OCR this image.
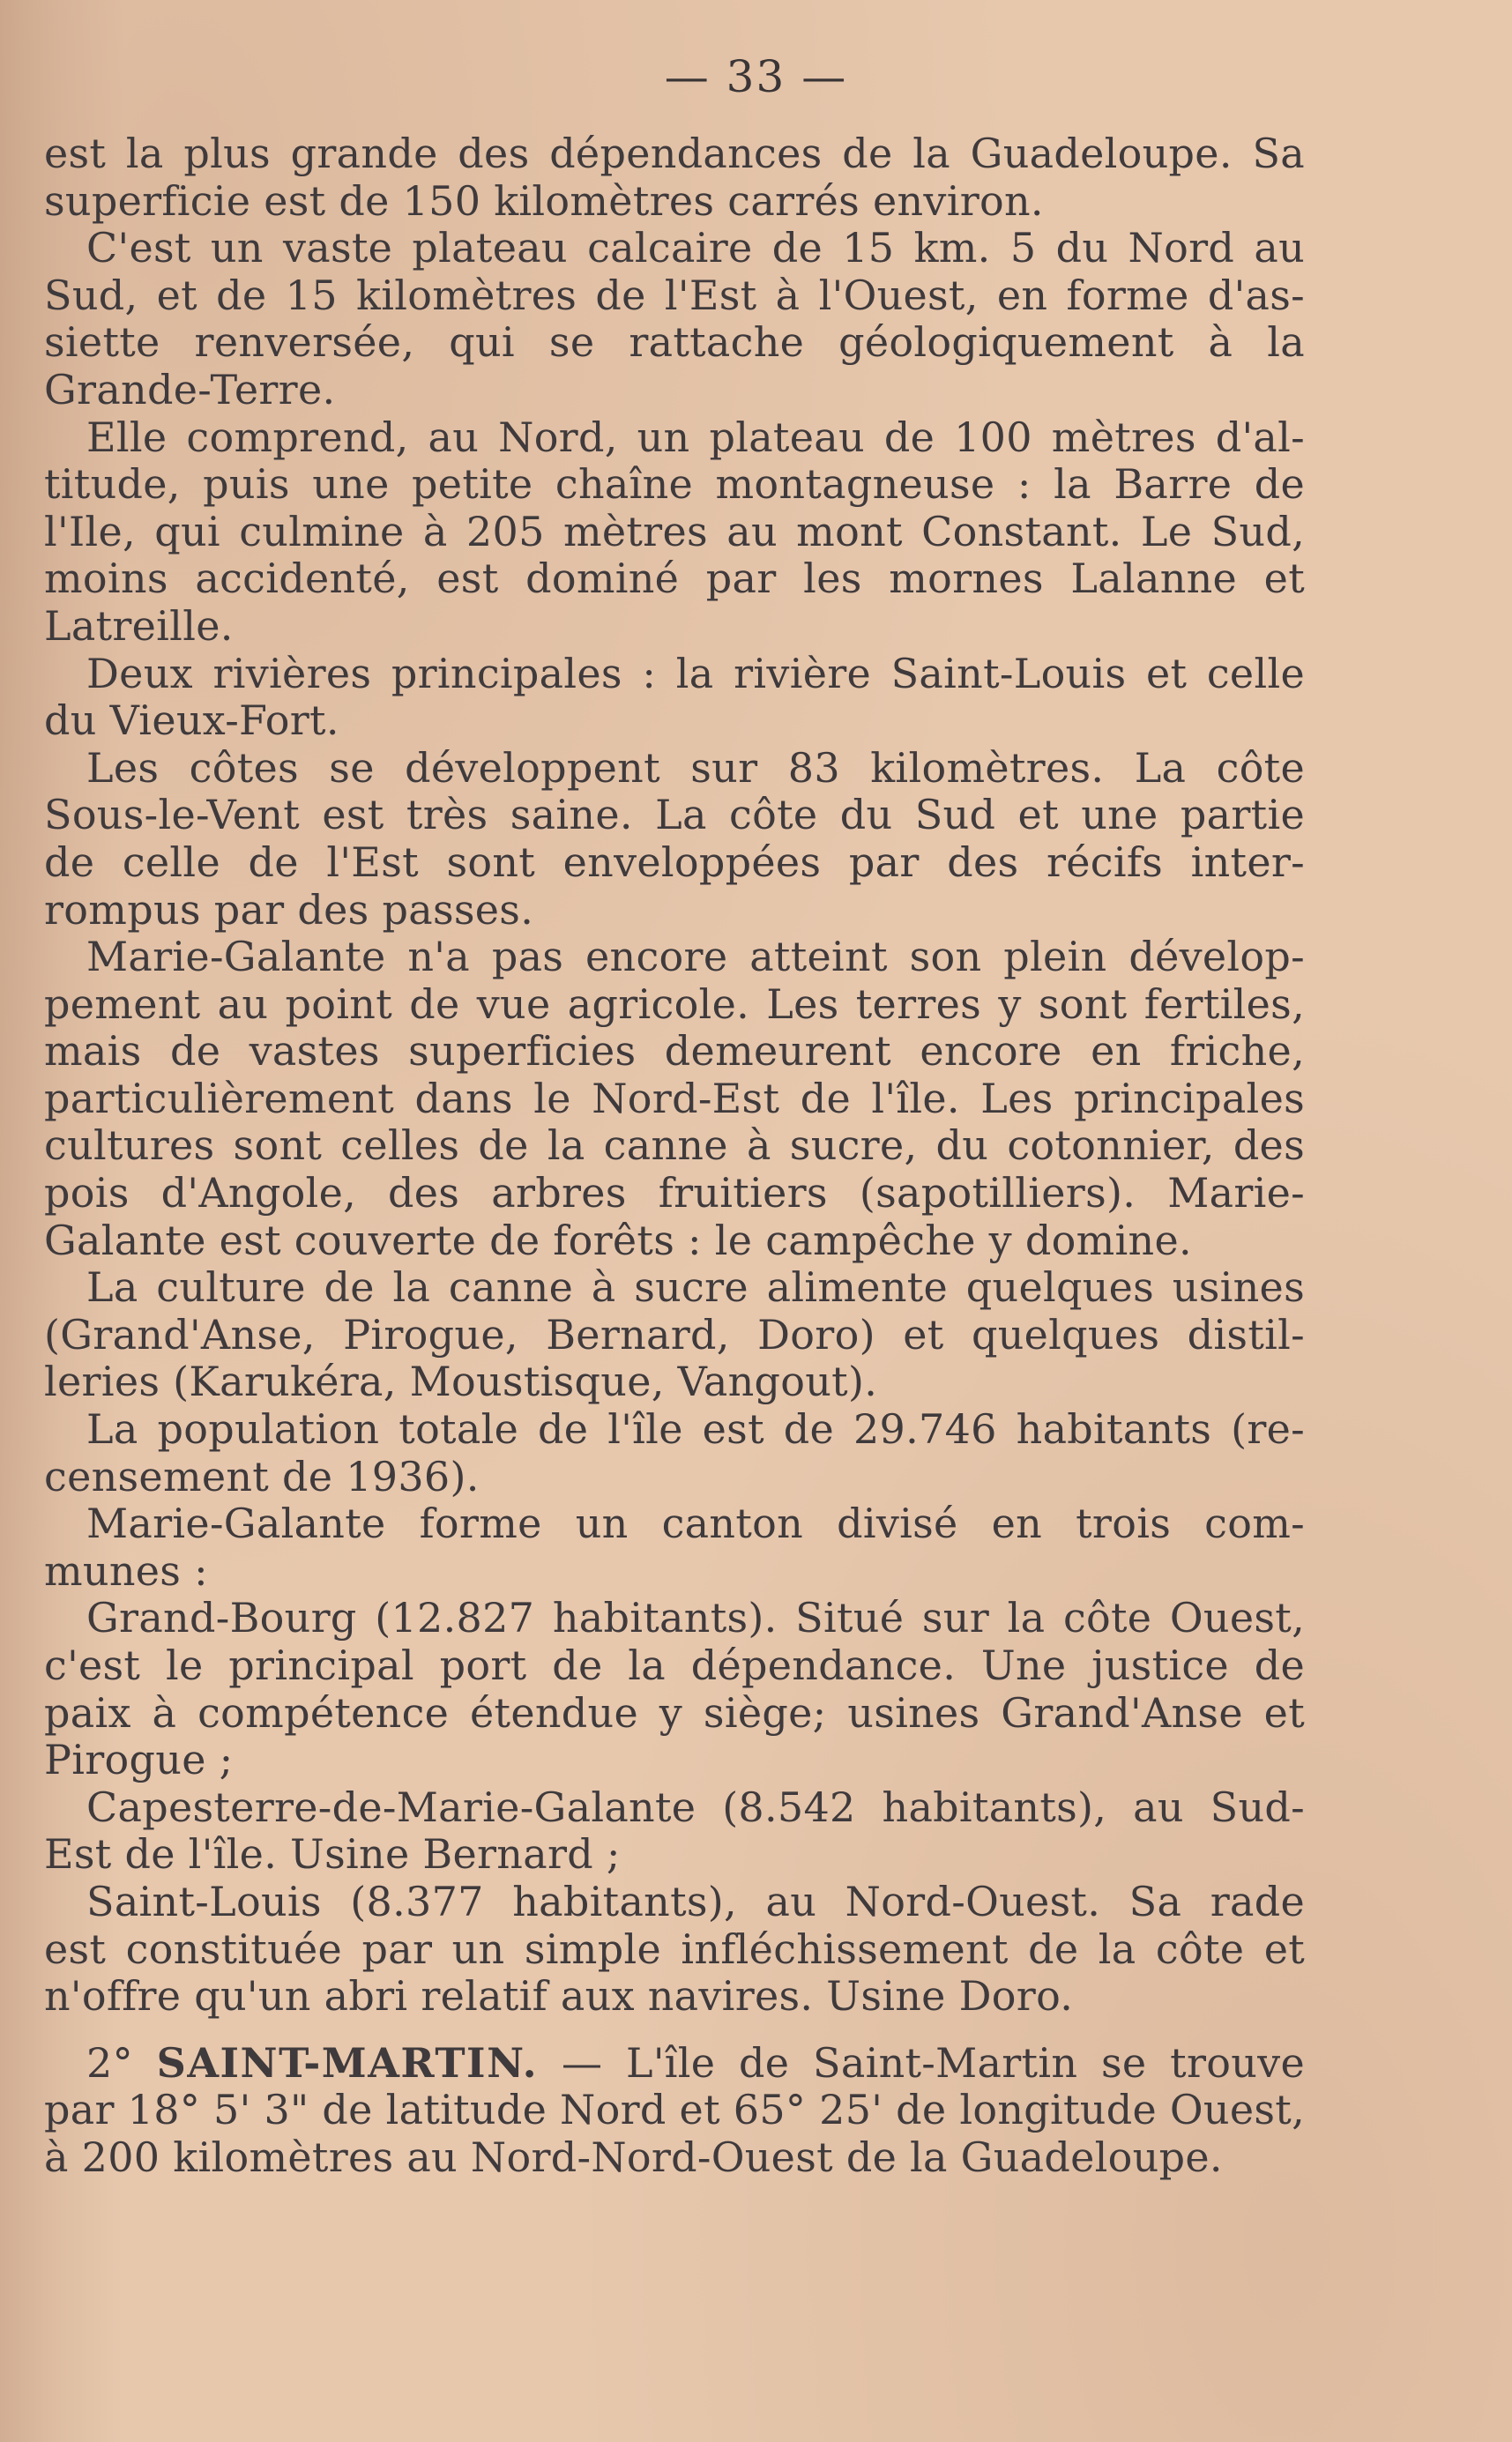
— 33 —
est la plus grande des dépendances de la Guadeloupe. Sa
superficie est de 150 kilomètres carrés environ.
C'est un vaste plateau calcaire de 15 km. 5 du Nord au
Sud, et de 15 kilomètres de l'Est à l'Ouest, en forme d'as-
siette renversée, qui se rattache géologiquement à la
Grande-Terre.
Elle comprend, au Nord, un plateau de 100 mètres d'al-
titude, puis une petite chaîne montagneuse : la Barre de
l'Ile, qui culmine à 205 mètres au mont Constant. Le Sud,
moins accidenté, est dominé par les mornes Lalanne et
Latreille.
Deux rivières principales : la rivière Saint-Louis et celle
du Vieux-Fort.
Les côtes se développent sur 83 kilomètres. La côte
Sous-le-Vent est très saine. La côte du Sud et une partie
de celle de l'Est sont enveloppées par des récifs inter-
rompus par des passes.
Marie-Galante n'a pas encore atteint son plein dévelop-
pement au point de vue agricole. Les terres y sont fertiles,
mais de vastes superficies demeurent encore en friche,
particulièrement dans le Nord-Est de l'île. Les principales
cultures sont celles de la canne à sucre, du cotonnier, des
pois d'Angole, des arbres fruitiers (sapotilliers). Marie-
Galante est couverte de forêts : le campêche y domine.
La culture de la canne à sucre alimente quelques usines
(Grand'Anse, Pirogue, Bernard, Doro) et quelques distil-
leries (Karukéra, Moustisque, Vangout).
La population totale de l'île est de 29.746 habitants (re-
censement de 1936).
Marie-Galante forme un canton divisé en trois com-
munes :
Grand-Bourg (12.827 habitants). Situé sur la côte Ouest,
c'est le principal port de la dépendance. Une justice de
paix à compétence étendue y siège; usines Grand'Anse et
Pirogue ;
Capesterre-de-Marie-Galante (8.542 habitants), au Sud-
Est de l'île. Usine Bernard ;
Saint-Louis (8.377 habitants), au Nord-Ouest. Sa rade
est constituée par un simple infléchissement de la côte et
n'offre qu'un abri relatif aux navires. Usine Doro.
2° SAINT-MARTIN. — L'île de Saint-Martin se trouve
par 18° 5' 3" de latitude Nord et 65° 25' de longitude Ouest,
à 200 kilomètres au Nord-Nord-Ouest de la Guadeloupe.
